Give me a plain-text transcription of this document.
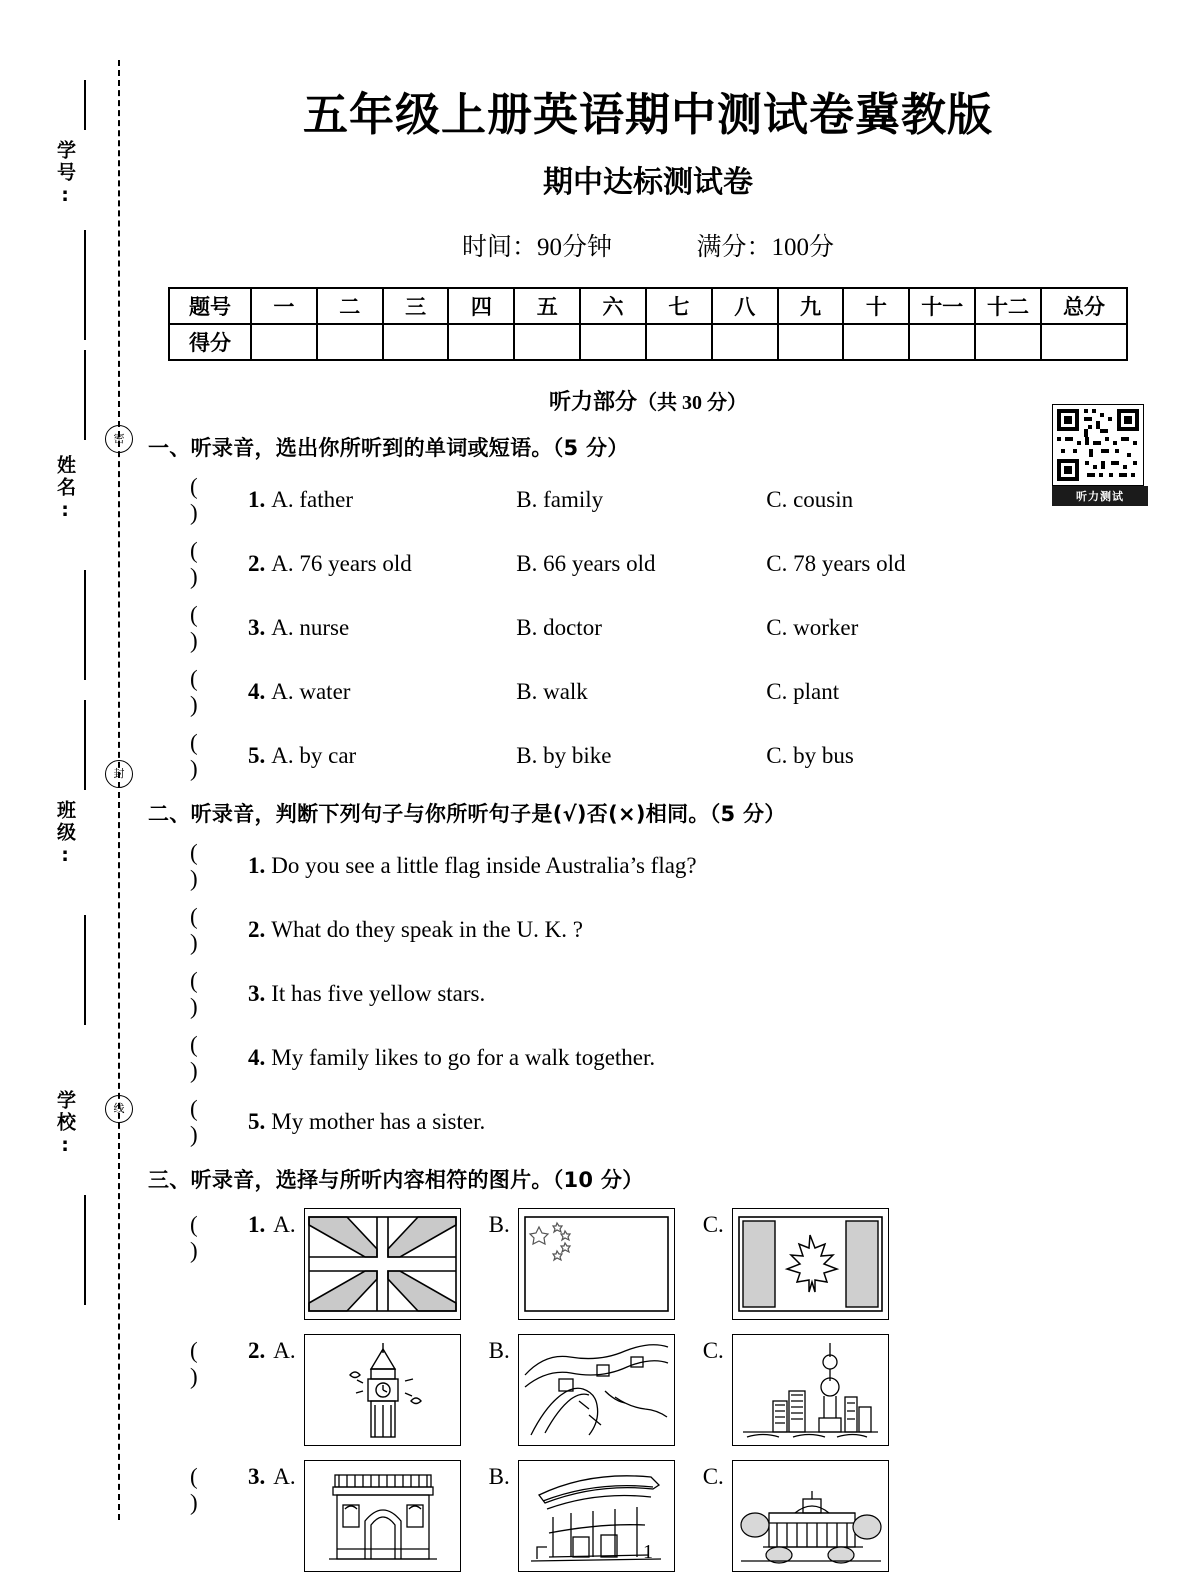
学号:
姓名:
班级:
学校:
密
封
线
五年级上册英语期中测试卷冀教版
期中达标测试卷
时间：90分钟	满分：100分
题号	一	二	三	四	五	六	七	八	九	十	十一	十二	总分
得分													
听力测试
听力部分（共 30 分）
一、听录音，选出你所听到的单词或短语。（5 分）
( )
1. A. father	B. family	C. cousin
( )
2. A. 76 years old	B. 66 years old	C. 78 years old
( )
3. A. nurse	B. doctor	C. worker
( )
4. A. water	B. walk	C. plant
( )
5. A. by car	B. by bike	C. by bus
二、听录音，判断下列句子与你所听句子是(√)否(×)相同。（5 分）
( )
1. Do you see a little flag inside Australia’s flag?
( )
2. What do they speak in the U. K. ?
( )
3. It has five yellow stars.
( )
4. My family likes to go for a walk together.
( )
5. My mother has a sister.
三、听录音，选择与所听内容相符的图片。（10 分）
( )
1. A.	B.	C.
( )
2. A.	B.	C.
( )
3. A.	B.	C.
1
